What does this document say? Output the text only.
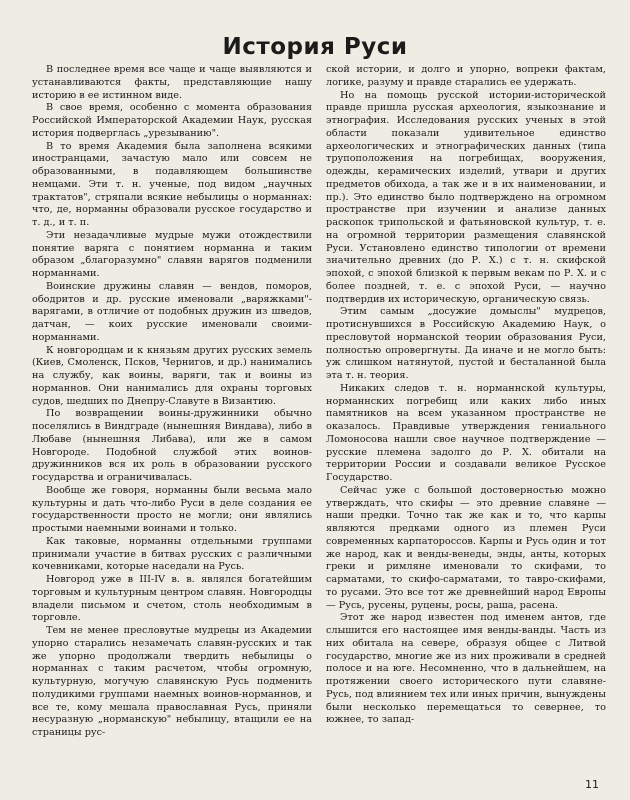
История Руси

В последнее время все чаще и чаще выявляются и устанавливаются факты, представляющие нашу историю в ее истинном виде.

В свое время, особенно с момента образования Российской Императорской Академии Наук, русская история подверглась „урезыванию".

В то время Академия была заполнена всякими иностранцами, зачастую мало или совсем не образованными, в подавляющем большинстве немцами. Эти т. н. ученые, под видом „научных трактатов", стряпали всякие небылицы о норманнах: что, де, норманны образовали русское государство и т. д., и т. п.

Эти незадачливые мудрые мужи отождествили понятие варяга с понятием норманна и таким образом „благоразумно" славян варягов подменили норманнами.

Воинские дружины славян — вендов, поморов, ободритов и др. русские именовали „варяжками"-варягами, в отличие от подобных дружин из шведов, датчан, — коих русские именовали своими-норманнами.

К новгородцам и к князьям других русских земель (Киев, Смоленск, Псков, Чернигов, и др.) нанимались на службу, как воины, варяги, так и воины из норманнов. Они нанимались для охраны торговых судов, шедших по Днепру-Славуте в Византию.

По возвращении воины-дружинники обычно поселялись в Виндграде (нынешняя Виндава), либо в Любаве (нынешняя Либава), или же в самом Новгороде. Подобной службой этих воинов-дружинников вся их роль в образовании русского государства и ограничивалась.

Вообще же говоря, норманны были весьма мало культурны и дать что-либо Руси в деле создания ее государственности просто не могли; они являлись простыми наемными воинами и только.

Как таковые, норманны отдельными группами принимали участие в битвах русских с различными кочевниками, которые наседали на Русь.

Новгород уже в III-IV в. в. являлся богатейшим торговым и культурным центром славян. Новгородцы владели письмом и счетом, столь необходимым в торговле.

Тем не менее пресловутые мудрецы из Академии упорно старались незамечать славян-русских и так же упорно продолжали твердить небылицы о норманнах с таким расчетом, чтобы огромную, культурную, могучую славянскую Русь подменить полудикими группами наемных воинов-норманнов, и все те, кому мешала православная Русь, приняли несуразную „норманскую" небылицу, втащили ее на страницы рус-

ской истории, и долго и упорно, вопреки фактам, логике, разуму и правде старались ее удержать.

Но на помощь русской истории-исторической правде пришла русская археология, языкознание и этнография. Исследования русских ученых в этой области показали удивительное единство археологических и этнографических данных (типа трупоположения на погребищах, вооружения, одежды, керамических изделий, утвари и других предметов обихода, а так же и в их наименовании, и пр.). Это единство было подтверждено на огромном пространстве при изучении и анализе данных раскопок трипольской и фатьяновской культур, т. е. на огромной территории размещения славянской Руси. Установлено единство типологии от времени значительно древних (до Р. Х.) с т. н. скифской эпохой, с эпохой близкой к первым векам по Р. Х. и с более поздней, т. е. с эпохой Руси, — научно подтвердив их историческую, органическую связь.

Этим самым „досужие домыслы" мудрецов, протиснувшихся в Российскую Академию Наук, о пресловутой норманской теории образования Руси, полностью опровергнуты. Да иначе и не могло быть: уж слишком натянутой, пустой и бесталанной была эта т. н. теория.

Никаких следов т. н. норманнской культуры, норманнских погребищ или каких либо иных памятников на всем указанном пространстве не оказалось. Правдивые утверждения гениального Ломоносова нашли свое научное подтверждение — русские племена задолго до Р. Х. обитали на территории России и создавали великое Русское Государство.

Сейчас уже с большой достоверностью можно утверждать, что скифы — это древние славяне — наши предки. Точно так же как и то, что карпы являются предками одного из племен Руси современных карпатороссов. Карпы и Русь один и тот же народ, как и венды-венеды, энды, анты, которых греки и римляне именовали то скифами, то сарматами, то скифо-сарматами, то тавро-скифами, то русами. Это все тот же древнейший народ Европы — Русь, русены, руцены, росы, раша, расена.

Этот же народ известен под именем антов, где слышится его настоящее имя венды-ванды. Часть из них обитала на севере, образуя общее с Литвой государство, многие же из них проживали в средней полосе и на юге. Несомненно, что в дальнейшем, на протяжении своего исторического пути славяне-Русь, под влиянием тех или иных причин, вынуждены были несколько перемещаться то севернее, то южнее, то запад-

11
